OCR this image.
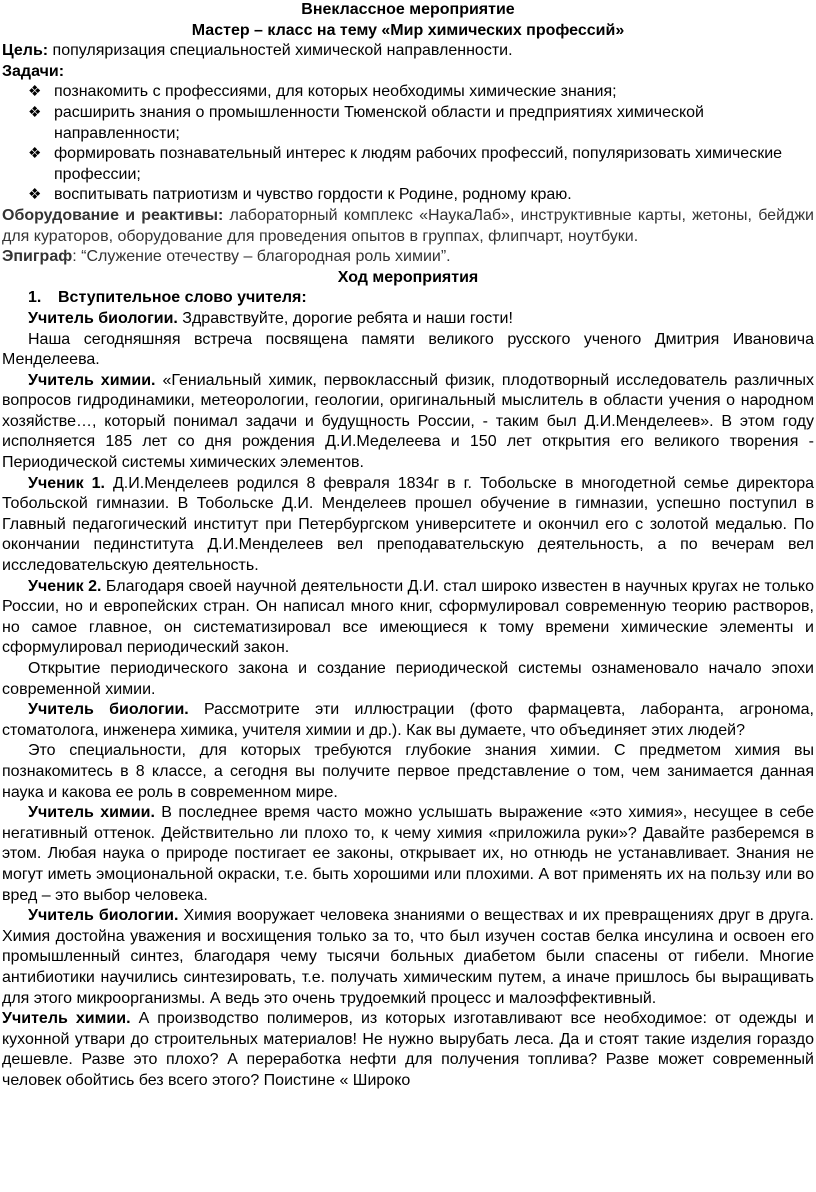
Внеклассное мероприятие
Мастер – класс на тему «Мир химических профессий»

Цель: популяризация специальностей химической направленности.

Задачи:

❖ познакомить с профессиями, для которых необходимы химические знания;
❖ расширить знания о промышленности Тюменской области и предприятиях химической направленности;
❖ формировать познавательный интерес к людям рабочих профессий, популяризовать химические профессии;
❖ воспитывать патриотизм и чувство гордости к Родине, родному краю.

Оборудование и реактивы: лабораторный комплекс «НаукаЛаб», инструктивные карты, жетоны, бейджи для кураторов, оборудование для проведения опытов в группах, флипчарт, ноутбуки.

Эпиграф: “Служение отечеству – благородная роль химии”.

Ход мероприятия

1. Вступительное слово учителя:

Учитель биологии. Здравствуйте, дорогие ребята и наши гости!

Наша сегодняшняя встреча посвящена памяти великого русского ученого Дмитрия Ивановича Менделеева.

Учитель химии. «Гениальный химик, первоклассный физик, плодотворный исследователь различных вопросов гидродинамики, метеорологии, геологии, оригинальный мыслитель в области учения о народном хозяйстве…, который понимал задачи и будущность России, - таким был Д.И.Менделеев». В этом году исполняется 185 лет со дня рождения Д.И.Меделеева и 150 лет открытия его великого творения - Периодической системы химических элементов.

Ученик 1. Д.И.Менделеев родился 8 февраля 1834г в г. Тобольске в многодетной семье директора Тобольской гимназии. В Тобольске Д.И. Менделеев прошел обучение в гимназии, успешно поступил в Главный педагогический институт при Петербургском университете и окончил его с золотой медалью. По окончании пединститута Д.И.Менделеев вел преподавательскую деятельность, а по вечерам вел исследовательскую деятельность.

Ученик 2. Благодаря своей научной деятельности Д.И. стал широко известен в научных кругах не только России, но и европейских стран. Он написал много книг, сформулировал современную теорию растворов, но самое главное, он систематизировал все имеющиеся к тому времени химические элементы и сформулировал периодический закон.

Открытие периодического закона и создание периодической системы ознаменовало начало эпохи современной химии.

Учитель биологии. Рассмотрите эти иллюстрации (фото фармацевта, лаборанта, агронома, стоматолога, инженера химика, учителя химии и др.). Как вы думаете, что объединяет этих людей?

Это специальности, для которых требуются глубокие знания химии. С предметом химия вы познакомитесь в 8 классе, а сегодня вы получите первое представление о том, чем занимается данная наука и какова ее роль в современном мире.

Учитель химии. В последнее время часто можно услышать выражение «это химия», несущее в себе негативный оттенок. Действительно ли плохо то, к чему химия «приложила руки»? Давайте разберемся в этом. Любая наука о природе постигает ее законы, открывает их, но отнюдь не устанавливает. Знания не могут иметь эмоциональной окраски, т.е. быть хорошими или плохими. А вот применять их на пользу или во вред – это выбор человека.

Учитель биологии. Химия вооружает человека знаниями о веществах и их превращениях друг в друга. Химия достойна уважения и восхищения только за то, что был изучен состав белка инсулина и освоен его промышленный синтез, благодаря чему тысячи больных диабетом были спасены от гибели. Многие антибиотики научились синтезировать, т.е. получать химическим путем, а иначе пришлось бы выращивать для этого микроорганизмы. А ведь это очень трудоемкий процесс и малоэффективный.

Учитель химии. А производство полимеров, из которых изготавливают все необходимое: от одежды и кухонной утвари до строительных материалов! Не нужно вырубать леса. Да и стоят такие изделия гораздо дешевле. Разве это плохо? А переработка нефти для получения топлива? Разве может современный человек обойтись без всего этого? Поистине « Широко
